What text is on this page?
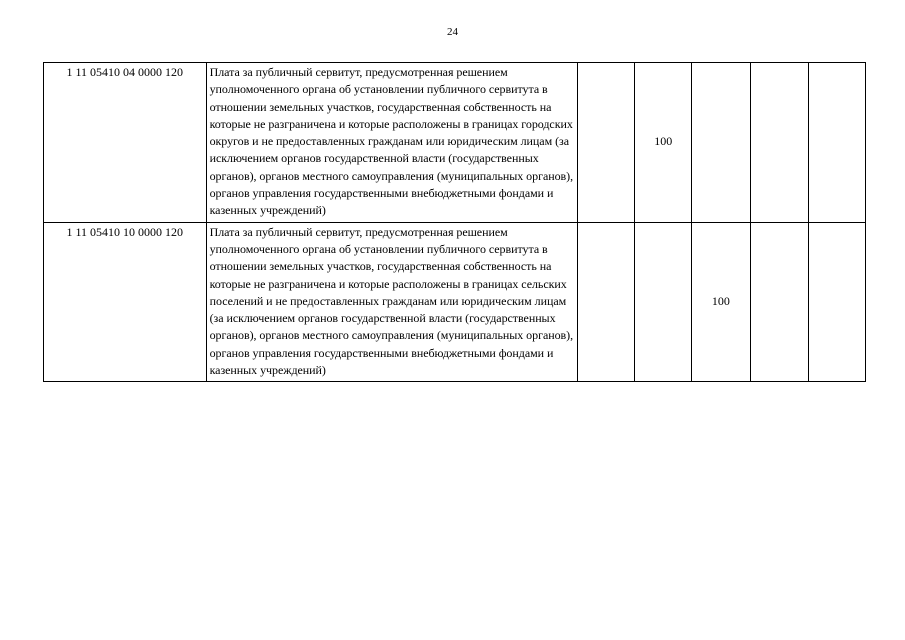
24
1 11 05410 04 0000 120	Плата за публичный сервитут, предусмотренная решением уполномоченного органа об установлении публичного сервитута в отношении земельных участков, государственная собственность на которые не разграничена и которые расположены в границах городских округов и не предоставленных гражданам или юридическим лицам (за исключением органов государственной власти (государственных органов), органов местного самоуправления (муниципальных органов), органов управления государственными внебюджетными фондами и казенных учреждений)		100			
1 11 05410 10 0000 120	Плата за публичный сервитут, предусмотренная решением уполномоченного органа об установлении публичного сервитута в отношении земельных участков, государственная собственность на которые не разграничена и которые расположены в границах сельских поселений и не предоставленных гражданам или юридическим лицам (за исключением органов государственной власти (государственных органов), органов местного самоуправления (муниципальных органов), органов управления государственными внебюджетными фондами и казенных учреждений)			100		
